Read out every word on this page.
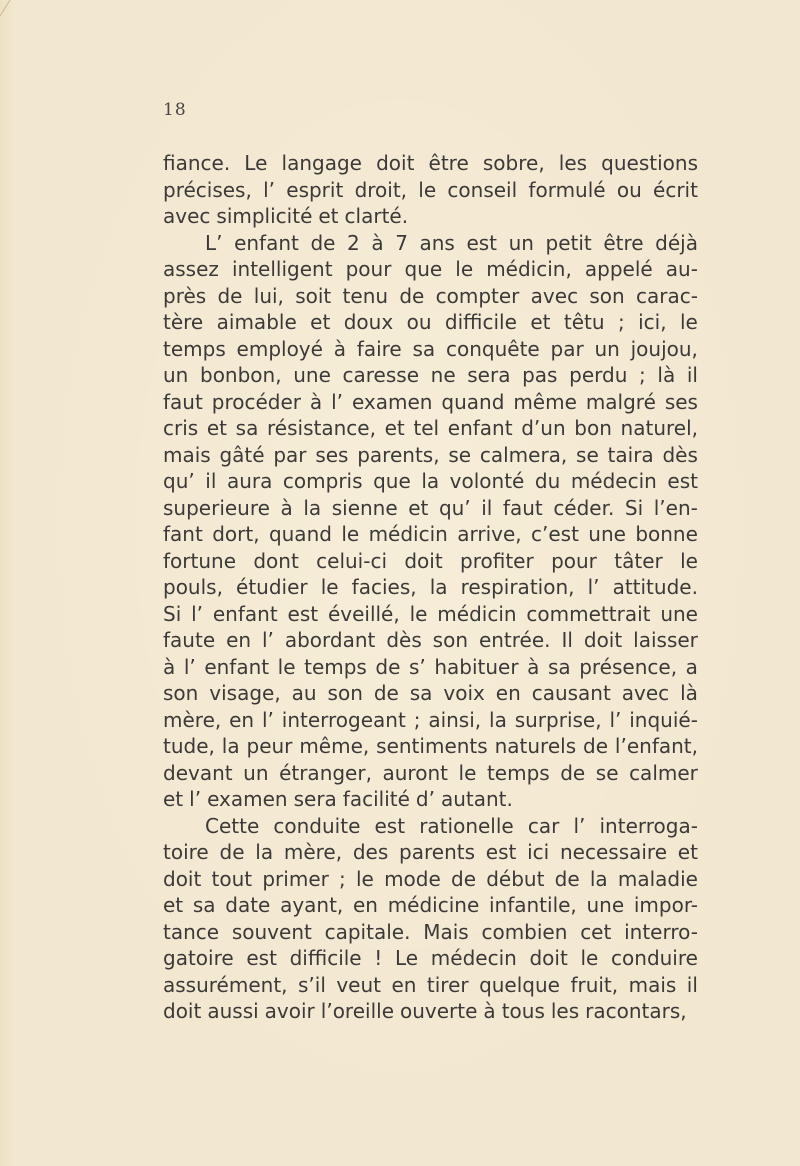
18
fiance. Le langage doit être sobre, les questions
précises, l’ esprit droit, le conseil formulé ou écrit
avec simplicité et clarté.
L’ enfant de 2 à 7 ans est un petit être déjà
assez intelligent pour que le médicin, appelé au-
près de lui, soit tenu de compter avec son carac-
tère aimable et doux ou difficile et têtu ; ici, le
temps employé à faire sa conquête par un joujou,
un bonbon, une caresse ne sera pas perdu ; là il
faut procéder à l’ examen quand même malgré ses
cris et sa résistance, et tel enfant d’un bon naturel,
mais gâté par ses parents, se calmera, se taira dès
qu’ il aura compris que la volonté du médecin est
superieure à la sienne et qu’ il faut céder. Si l’en-
fant dort, quand le médicin arrive, c’est une bonne
fortune dont celui-ci doit profiter pour tâter le
pouls, étudier le facies, la respiration, l’ attitude.
Si l’ enfant est éveillé, le médicin commettrait une
faute en l’ abordant dès son entrée. Il doit laisser
à l’ enfant le temps de s’ habituer à sa présence, a
son visage, au son de sa voix en causant avec là
mère, en l’ interrogeant ; ainsi, la surprise, l’ inquié-
tude, la peur même, sentiments naturels de l’enfant,
devant un étranger, auront le temps de se calmer
et l’ examen sera facilité d’ autant.
Cette conduite est rationelle car l’ interroga-
toire de la mère, des parents est ici necessaire et
doit tout primer ; le mode de début de la maladie
et sa date ayant, en médicine infantile, une impor-
tance souvent capitale. Mais combien cet interro-
gatoire est difficile ! Le médecin doit le conduire
assurément, s’il veut en tirer quelque fruit, mais il
doit aussi avoir l’oreille ouverte à tous les racontars,
